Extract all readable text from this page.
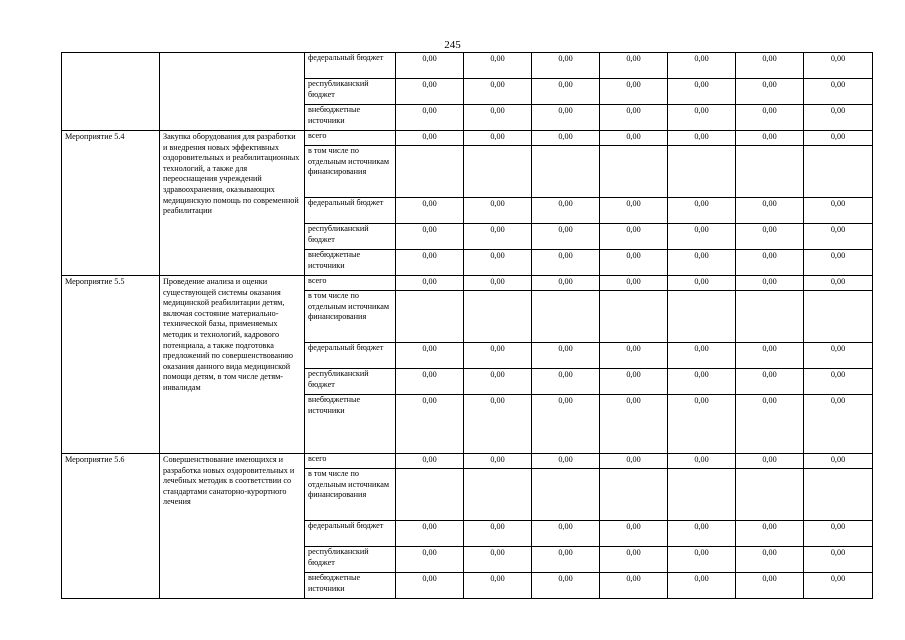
245
		федеральный бюджет	0,00	0,00	0,00	0,00	0,00	0,00	0,00
		республиканский бюджет	0,00	0,00	0,00	0,00	0,00	0,00	0,00
		внебюджетные источники	0,00	0,00	0,00	0,00	0,00	0,00	0,00
Мероприятие 5.4	Закупка оборудования для разработки и внедрения новых эффективных оздоровительных и реабилитационных технологий, а также для переоснащения учреждений здравоохранения, оказывающих медицинскую помощь по современной реабилитации	всего	0,00	0,00	0,00	0,00	0,00	0,00	0,00
		в том числе по отдельным источникам финансирования							
		федеральный бюджет	0,00	0,00	0,00	0,00	0,00	0,00	0,00
		республиканский бюджет	0,00	0,00	0,00	0,00	0,00	0,00	0,00
		внебюджетные источники	0,00	0,00	0,00	0,00	0,00	0,00	0,00
Мероприятие 5.5	Проведение анализа и оценки существующей системы оказания медицинской реабилитации детям, включая состояние материально-технической базы, применяемых методик и технологий, кадрового потенциала, а также подготовка предложений по совершенствованию оказания данного вида медицинской помощи детям, в том числе детям-инвалидам	всего	0,00	0,00	0,00	0,00	0,00	0,00	0,00
		в том числе по отдельным источникам финансирования							
		федеральный бюджет	0,00	0,00	0,00	0,00	0,00	0,00	0,00
		республиканский бюджет	0,00	0,00	0,00	0,00	0,00	0,00	0,00
		внебюджетные источники	0,00	0,00	0,00	0,00	0,00	0,00	0,00
Мероприятие 5.6	Совершенствование имеющихся и разработка новых оздоровительных и лечебных методик в соответствии со стандартами санаторно-курортного лечения	всего	0,00	0,00	0,00	0,00	0,00	0,00	0,00
		в том числе по отдельным источникам финансирования							
		федеральный бюджет	0,00	0,00	0,00	0,00	0,00	0,00	0,00
		республиканский бюджет	0,00	0,00	0,00	0,00	0,00	0,00	0,00
		внебюджетные источники	0,00	0,00	0,00	0,00	0,00	0,00	0,00
